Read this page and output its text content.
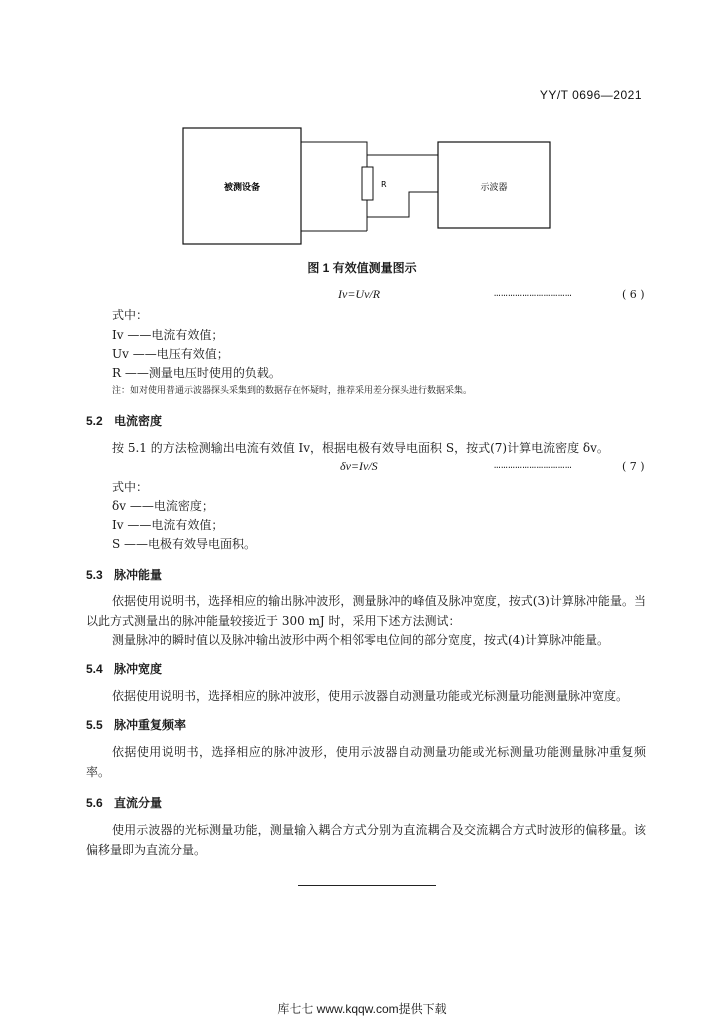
YY/T 0696—2021
被测设备	R	示波器
图 1 有效值测量图示
Iv=Uv/R	……………………………	( 6 )
式中：
Iv ——电流有效值；
Uv ——电压有效值；
R ——测量电压时使用的负载。
注：如对使用普通示波器探头采集到的数据存在怀疑时，推荐采用差分探头进行数据采集。
5.2 电流密度
按 5.1 的方法检测输出电流有效值 Iv，根据电极有效导电面积 S，按式(7)计算电流密度 δv。
δv=Iv/S	……………………………	( 7 )
式中：
δv ——电流密度；
Iv ——电流有效值；
S ——电极有效导电面积。
5.3 脉冲能量
依据使用说明书，选择相应的输出脉冲波形，测量脉冲的峰值及脉冲宽度，按式(3)计算脉冲能量。当以此方式测量出的脉冲能量较接近于 300 mJ 时，采用下述方法测试：
测量脉冲的瞬时值以及脉冲输出波形中两个相邻零电位间的部分宽度，按式(4)计算脉冲能量。
5.4 脉冲宽度
依据使用说明书，选择相应的脉冲波形，使用示波器自动测量功能或光标测量功能测量脉冲宽度。
5.5 脉冲重复频率
依据使用说明书，选择相应的脉冲波形，使用示波器自动测量功能或光标测量功能测量脉冲重复频率。
5.6 直流分量
使用示波器的光标测量功能，测量输入耦合方式分别为直流耦合及交流耦合方式时波形的偏移量。该偏移量即为直流分量。
库七七 www.kqqw.com提供下载
